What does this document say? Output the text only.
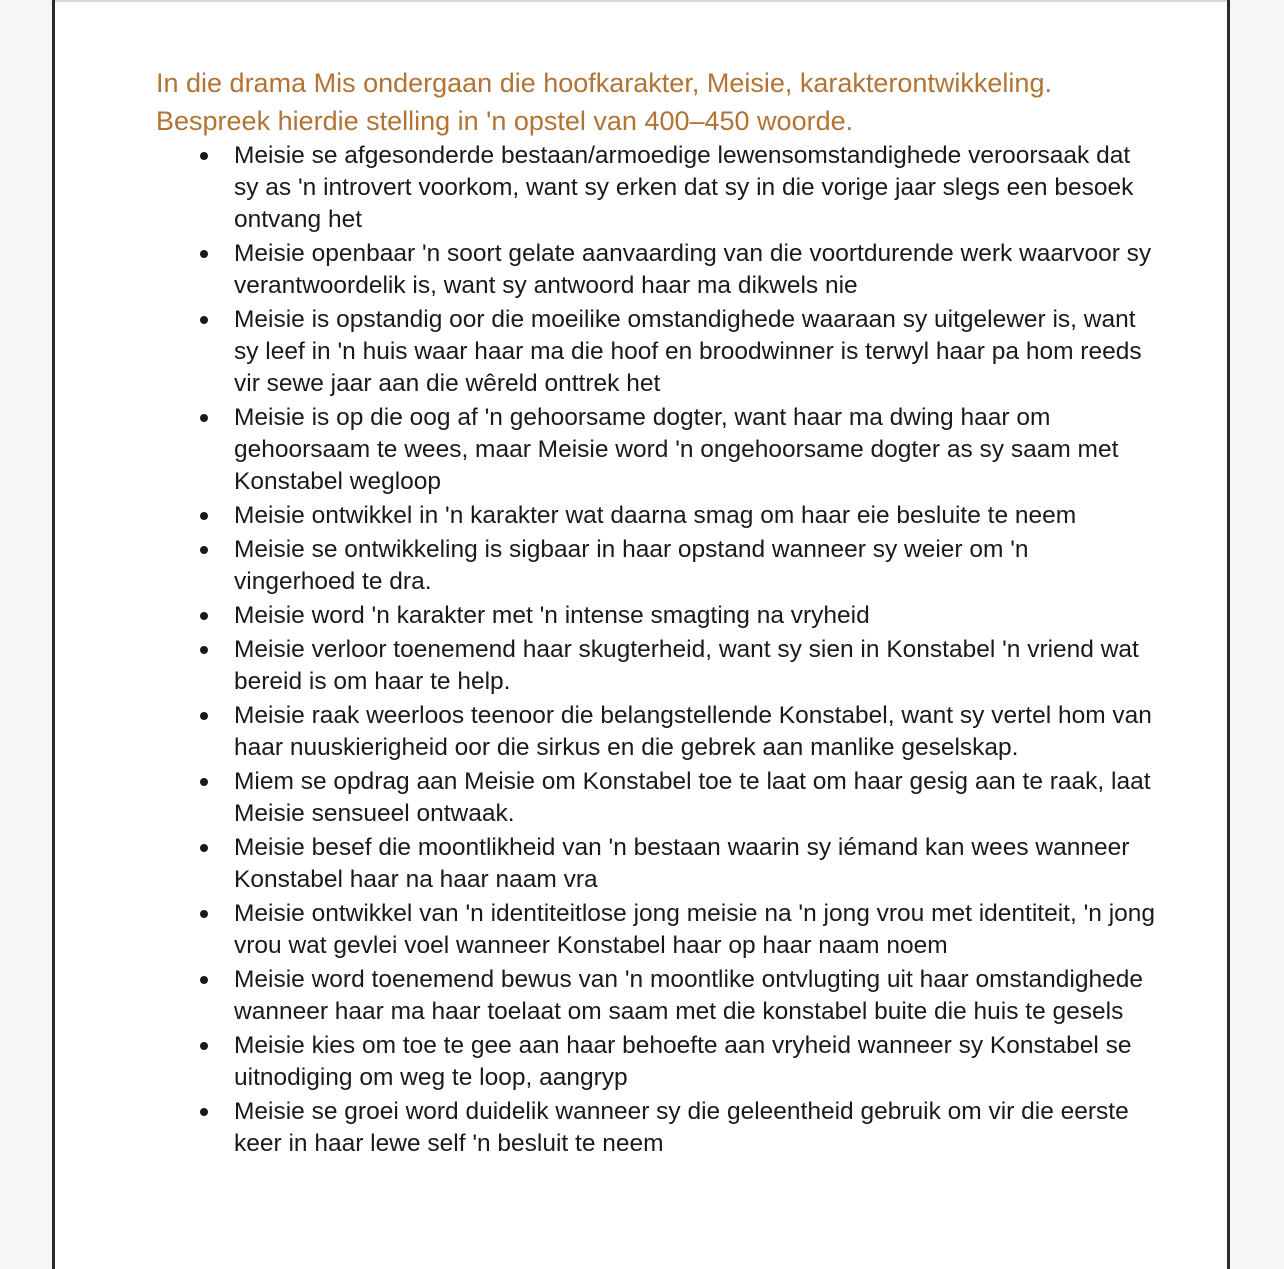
In die drama Mis ondergaan die hoofkarakter, Meisie, karakterontwikkeling. Bespreek hierdie stelling in 'n opstel van 400–450 woorde.

Meisie se afgesonderde bestaan/armoedige lewensomstandighede veroorsaak dat sy as 'n introvert voorkom, want sy erken dat sy in die vorige jaar slegs een besoek ontvang het
Meisie openbaar 'n soort gelate aanvaarding van die voortdurende werk waarvoor sy verantwoordelik is, want sy antwoord haar ma dikwels nie
Meisie is opstandig oor die moeilike omstandighede waaraan sy uitgelewer is, want sy leef in 'n huis waar haar ma die hoof en broodwinner is terwyl haar pa hom reeds vir sewe jaar aan die wêreld onttrek het
Meisie is op die oog af 'n gehoorsame dogter, want haar ma dwing haar om gehoorsaam te wees, maar Meisie word 'n ongehoorsame dogter as sy saam met Konstabel wegloop
Meisie ontwikkel in 'n karakter wat daarna smag om haar eie besluite te neem
Meisie se ontwikkeling is sigbaar in haar opstand wanneer sy weier om 'n vingerhoed te dra.
Meisie word 'n karakter met 'n intense smagting na vryheid
Meisie verloor toenemend haar skugterheid, want sy sien in Konstabel 'n vriend wat bereid is om haar te help.
Meisie raak weerloos teenoor die belangstellende Konstabel, want sy vertel hom van haar nuuskierigheid oor die sirkus en die gebrek aan manlike geselskap.
Miem se opdrag aan Meisie om Konstabel toe te laat om haar gesig aan te raak, laat Meisie sensueel ontwaak.
Meisie besef die moontlikheid van 'n bestaan waarin sy iémand kan wees wanneer Konstabel haar na haar naam vra
Meisie ontwikkel van 'n identiteitlose jong meisie na 'n jong vrou met identiteit, 'n jong vrou wat gevlei voel wanneer Konstabel haar op haar naam noem
Meisie word toenemend bewus van 'n moontlike ontvlugting uit haar omstandighede wanneer haar ma haar toelaat om saam met die konstabel buite die huis te gesels
Meisie kies om toe te gee aan haar behoefte aan vryheid wanneer sy Konstabel se uitnodiging om weg te loop, aangryp
Meisie se groei word duidelik wanneer sy die geleentheid gebruik om vir die eerste keer in haar lewe self 'n besluit te neem
